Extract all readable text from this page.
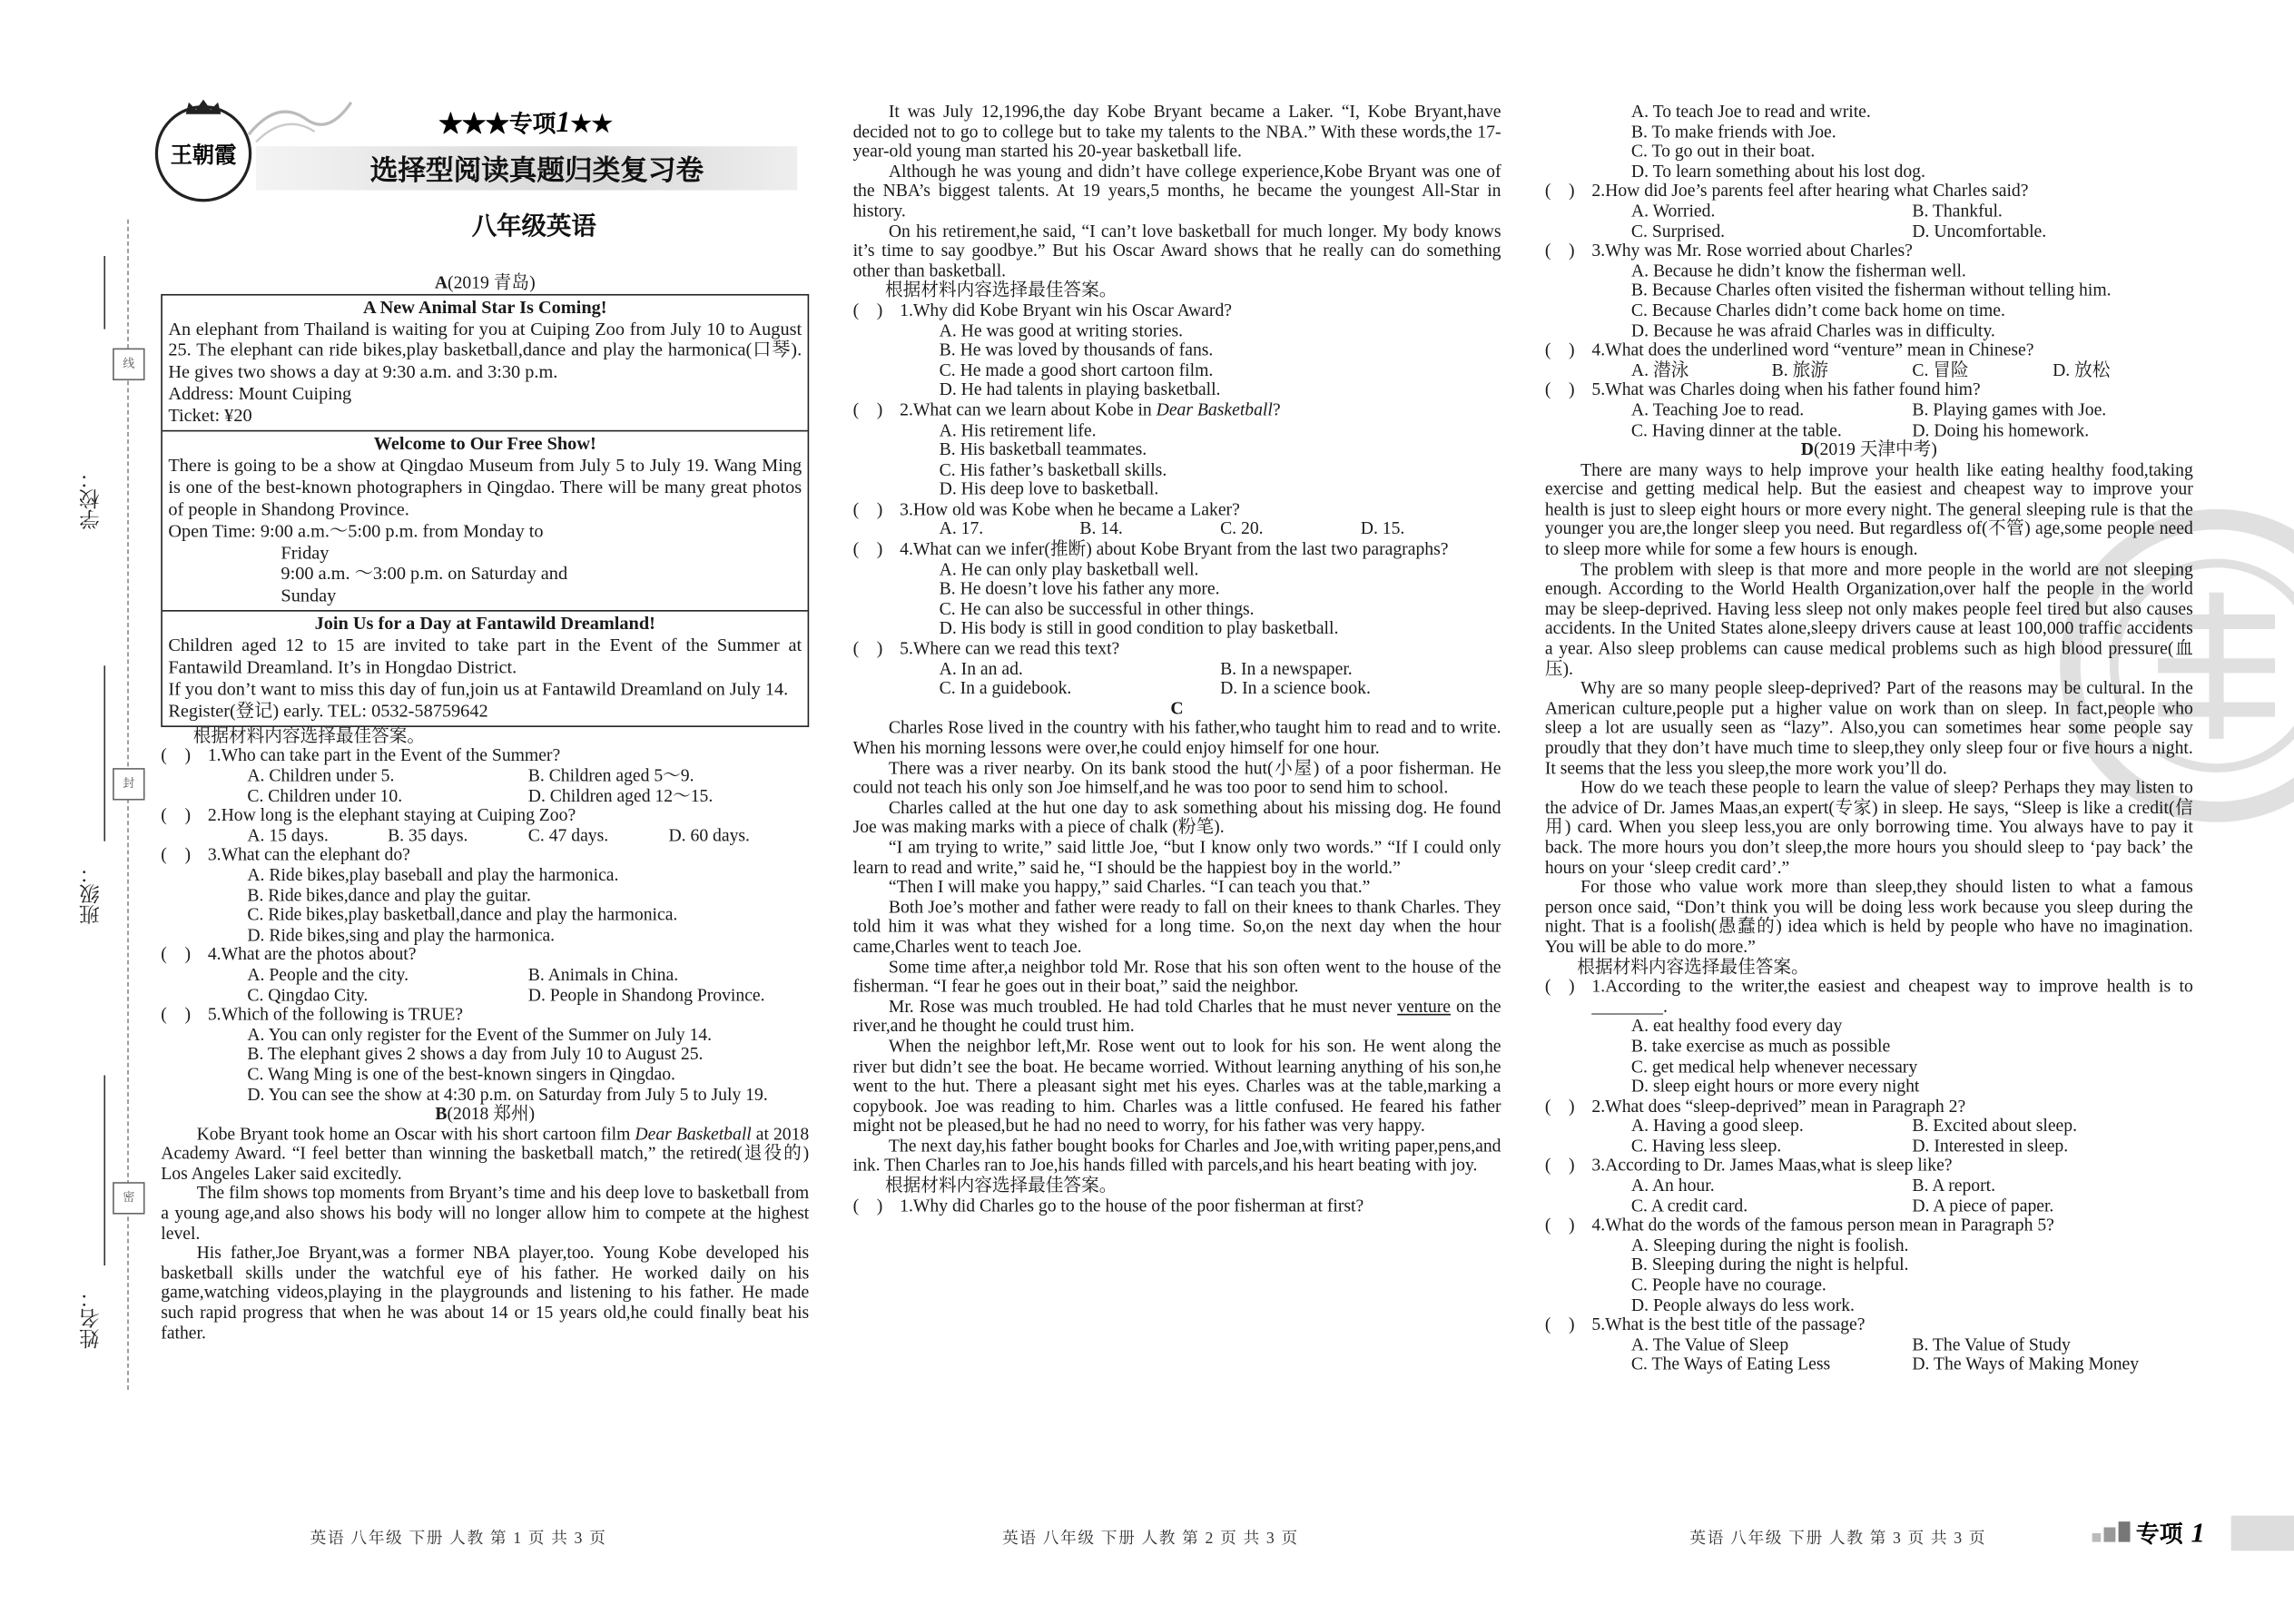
学校：
班级：
姓名：
线
封
密
王朝霞
★★★专项1★★
选择型阅读真题归类复习卷
八年级英语
A(2019 青岛)
A New Animal Star Is Coming!
An elephant from Thailand is waiting for you at Cuiping Zoo from July 10 to August 25. The elephant can ride bikes,play basketball,dance and play the harmonica(口琴). He gives two shows a day at 9:30 a.m. and 3:30 p.m.
Address: Mount Cuiping
Ticket: ¥20
Welcome to Our Free Show!
There is going to be a show at Qingdao Museum from July 5 to July 19. Wang Ming is one of the best-known photographers in Qingdao. There will be many great photos of people in Shandong Province.
Open Time: 9:00 a.m.～5:00 p.m. from Monday to
Friday
9:00 a.m. ～3:00 p.m. on Saturday and
Sunday
Join Us for a Day at Fantawild Dreamland!
Children aged 12 to 15 are invited to take part in the Event of the Summer at Fantawild Dreamland. It’s in Hongdao District.
If you don’t want to miss this day of fun,join us at Fantawild Dreamland on July 14.
Register(登记) early. TEL: 0532-58759642
根据材料内容选择最佳答案。
(    )	1.Who can take part in the Event of the Summer?
A. Children under 5.	B. Children aged 5～9.
C. Children under 10.	D. Children aged 12～15.
(    )	2.How long is the elephant staying at Cuiping Zoo?
A. 15 days.	B. 35 days.	C. 47 days.	D. 60 days.
(    )	3.What can the elephant do?
A. Ride bikes,play baseball and play the harmonica.
B. Ride bikes,dance and play the guitar.
C. Ride bikes,play basketball,dance and play the harmonica.
D. Ride bikes,sing and play the harmonica.
(    )	4.What are the photos about?
A. People and the city.	B. Animals in China.
C. Qingdao City.	D. People in Shandong Province.
(    )	5.Which of the following is TRUE?
A. You can only register for the Event of the Summer on July 14.
B. The elephant gives 2 shows a day from July 10 to August 25.
C. Wang Ming is one of the best-known singers in Qingdao.
D. You can see the show at 4:30 p.m. on Saturday from July 5 to July 19.
B(2018 郑州)
Kobe Bryant took home an Oscar with his short cartoon film Dear Basketball at 2018 Academy Award. “I feel better than winning the basketball match,” the retired(退役的) Los Angeles Laker said excitedly.
The film shows top moments from Bryant’s time and his deep love to basketball from a young age,and also shows his body will no longer allow him to compete at the highest level.
His father,Joe Bryant,was a former NBA player,too. Young Kobe developed his basketball skills under the watchful eye of his father. He worked daily on his game,watching videos,playing in the playgrounds and listening to his father. He made such rapid progress that when he was about 14 or 15 years old,he could finally beat his father.
It was July 12,1996,the day Kobe Bryant became a Laker. “I, Kobe Bryant,have decided not to go to college but to take my talents to the NBA.” With these words,the 17-year-old young man started his 20-year basketball life.
Although he was young and didn’t have college experience,Kobe Bryant was one of the NBA’s biggest talents. At 19 years,5 months, he became the youngest All-Star in history.
On his retirement,he said, “I can’t love basketball for much longer. My body knows it’s time to say goodbye.” But his Oscar Award shows that he really can do something other than basketball.
根据材料内容选择最佳答案。
(    )	1.Why did Kobe Bryant win his Oscar Award?
A. He was good at writing stories.
B. He was loved by thousands of fans.
C. He made a good short cartoon film.
D. He had talents in playing basketball.
(    )	2.What can we learn about Kobe in Dear Basketball?
A. His retirement life.
B. His basketball teammates.
C. His father’s basketball skills.
D. His deep love to basketball.
(    )	3.How old was Kobe when he became a Laker?
A. 17.	B. 14.	C. 20.	D. 15.
(    )	4.What can we infer(推断) about Kobe Bryant from the last two paragraphs?
A. He can only play basketball well.
B. He doesn’t love his father any more.
C. He can also be successful in other things.
D. His body is still in good condition to play basketball.
(    )	5.Where can we read this text?
A. In an ad.	B. In a newspaper.
C. In a guidebook.	D. In a science book.
C
Charles Rose lived in the country with his father,who taught him to read and to write. When his morning lessons were over,he could enjoy himself for one hour.
There was a river nearby. On its bank stood the hut(小屋) of a poor fisherman. He could not teach his only son Joe himself,and he was too poor to send him to school.
Charles called at the hut one day to ask something about his missing dog. He found Joe was making marks with a piece of chalk (粉笔).
“I am trying to write,” said little Joe, “but I know only two words.” “If I could only learn to read and write,” said he, “I should be the happiest boy in the world.”
“Then I will make you happy,” said Charles. “I can teach you that.”
Both Joe’s mother and father were ready to fall on their knees to thank Charles. They told him it was what they wished for a long time. So,on the next day when the hour came,Charles went to teach Joe.
Some time after,a neighbor told Mr. Rose that his son often went to the house of the fisherman. “I fear he goes out in their boat,” said the neighbor.
Mr. Rose was much troubled. He had told Charles that he must never venture on the river,and he thought he could trust him.
When the neighbor left,Mr. Rose went out to look for his son. He went along the river but didn’t see the boat. He became worried. Without learning anything of his son,he went to the hut. There a pleasant sight met his eyes. Charles was at the table,marking a copybook. Joe was reading to him. Charles was a little confused. He feared his father might not be pleased,but he had no need to worry, for his father was very happy.
The next day,his father bought books for Charles and Joe,with writing paper,pens,and ink. Then Charles ran to Joe,his hands filled with parcels,and his heart beating with joy.
根据材料内容选择最佳答案。
(    )	1.Why did Charles go to the house of the poor fisherman at first?
A. To teach Joe to read and write.
B. To make friends with Joe.
C. To go out in their boat.
D. To learn something about his lost dog.
(    )	2.How did Joe’s parents feel after hearing what Charles said?
A. Worried.	B. Thankful.
C. Surprised.	D. Uncomfortable.
(    )	3.Why was Mr. Rose worried about Charles?
A. Because he didn’t know the fisherman well.
B. Because Charles often visited the fisherman without telling him.
C. Because Charles didn’t come back home on time.
D. Because he was afraid Charles was in difficulty.
(    )	4.What does the underlined word “venture” mean in Chinese?
A. 潜泳	B. 旅游	C. 冒险	D. 放松
(    )	5.What was Charles doing when his father found him?
A. Teaching Joe to read.	B. Playing games with Joe.
C. Having dinner at the table.	D. Doing his homework.
D(2019 天津中考)
There are many ways to help improve your health like eating healthy food,taking exercise and getting medical help. But the easiest and cheapest way to improve your health is just to sleep eight hours or more every night. The general sleeping rule is that the younger you are,the longer sleep you need. But regardless of(不管) age,some people need to sleep more while for some a few hours is enough.
The problem with sleep is that more and more people in the world are not sleeping enough. According to the World Health Organization,over half the people in the world may be sleep-deprived. Having less sleep not only makes people feel tired but also causes accidents. In the United States alone,sleepy drivers cause at least 100,000 traffic accidents a year. Also sleep problems can cause medical problems such as high blood pressure(血压).
Why are so many people sleep-deprived? Part of the reasons may be cultural. In the American culture,people put a higher value on work than on sleep. In fact,people who sleep a lot are usually seen as “lazy”. Also,you can sometimes hear some people say proudly that they don’t have much time to sleep,they only sleep four or five hours a night. It seems that the less you sleep,the more work you’ll do.
How do we teach these people to learn the value of sleep? Perhaps they may listen to the advice of Dr. James Maas,an expert(专家) in sleep. He says, “Sleep is like a credit(信用) card. When you sleep less,you are only borrowing time. You always have to pay it back. The more hours you don’t sleep,the more hours you should sleep to ‘pay back’ the hours on your ‘sleep credit card’.”
For those who value work more than sleep,they should listen to what a famous person once said, “Don’t think you will be doing less work because you sleep during the night. That is a foolish(愚蠢的) idea which is held by people who have no imagination. You will be able to do more.”
根据材料内容选择最佳答案。
(    )	1.According to the writer,the easiest and cheapest way to improve health is to ________.
A. eat healthy food every day
B. take exercise as much as possible
C. get medical help whenever necessary
D. sleep eight hours or more every night
(    )	2.What does “sleep-deprived” mean in Paragraph 2?
A. Having a good sleep.	B. Excited about sleep.
C. Having less sleep.	D. Interested in sleep.
(    )	3.According to Dr. James Maas,what is sleep like?
A. An hour.	B. A report.
C. A credit card.	D. A piece of paper.
(    )	4.What do the words of the famous person mean in Paragraph 5?
A. Sleeping during the night is foolish.
B. Sleeping during the night is helpful.
C. People have no courage.
D. People always do less work.
(    )	5.What is the best title of the passage?
A. The Value of Sleep	B. The Value of Study
C. The Ways of Eating Less	D. The Ways of Making Money
英语 八年级 下册 人教 第 1 页 共 3 页	英语 八年级 下册 人教 第 2 页 共 3 页	英语 八年级 下册 人教 第 3 页 共 3 页	专项 1
